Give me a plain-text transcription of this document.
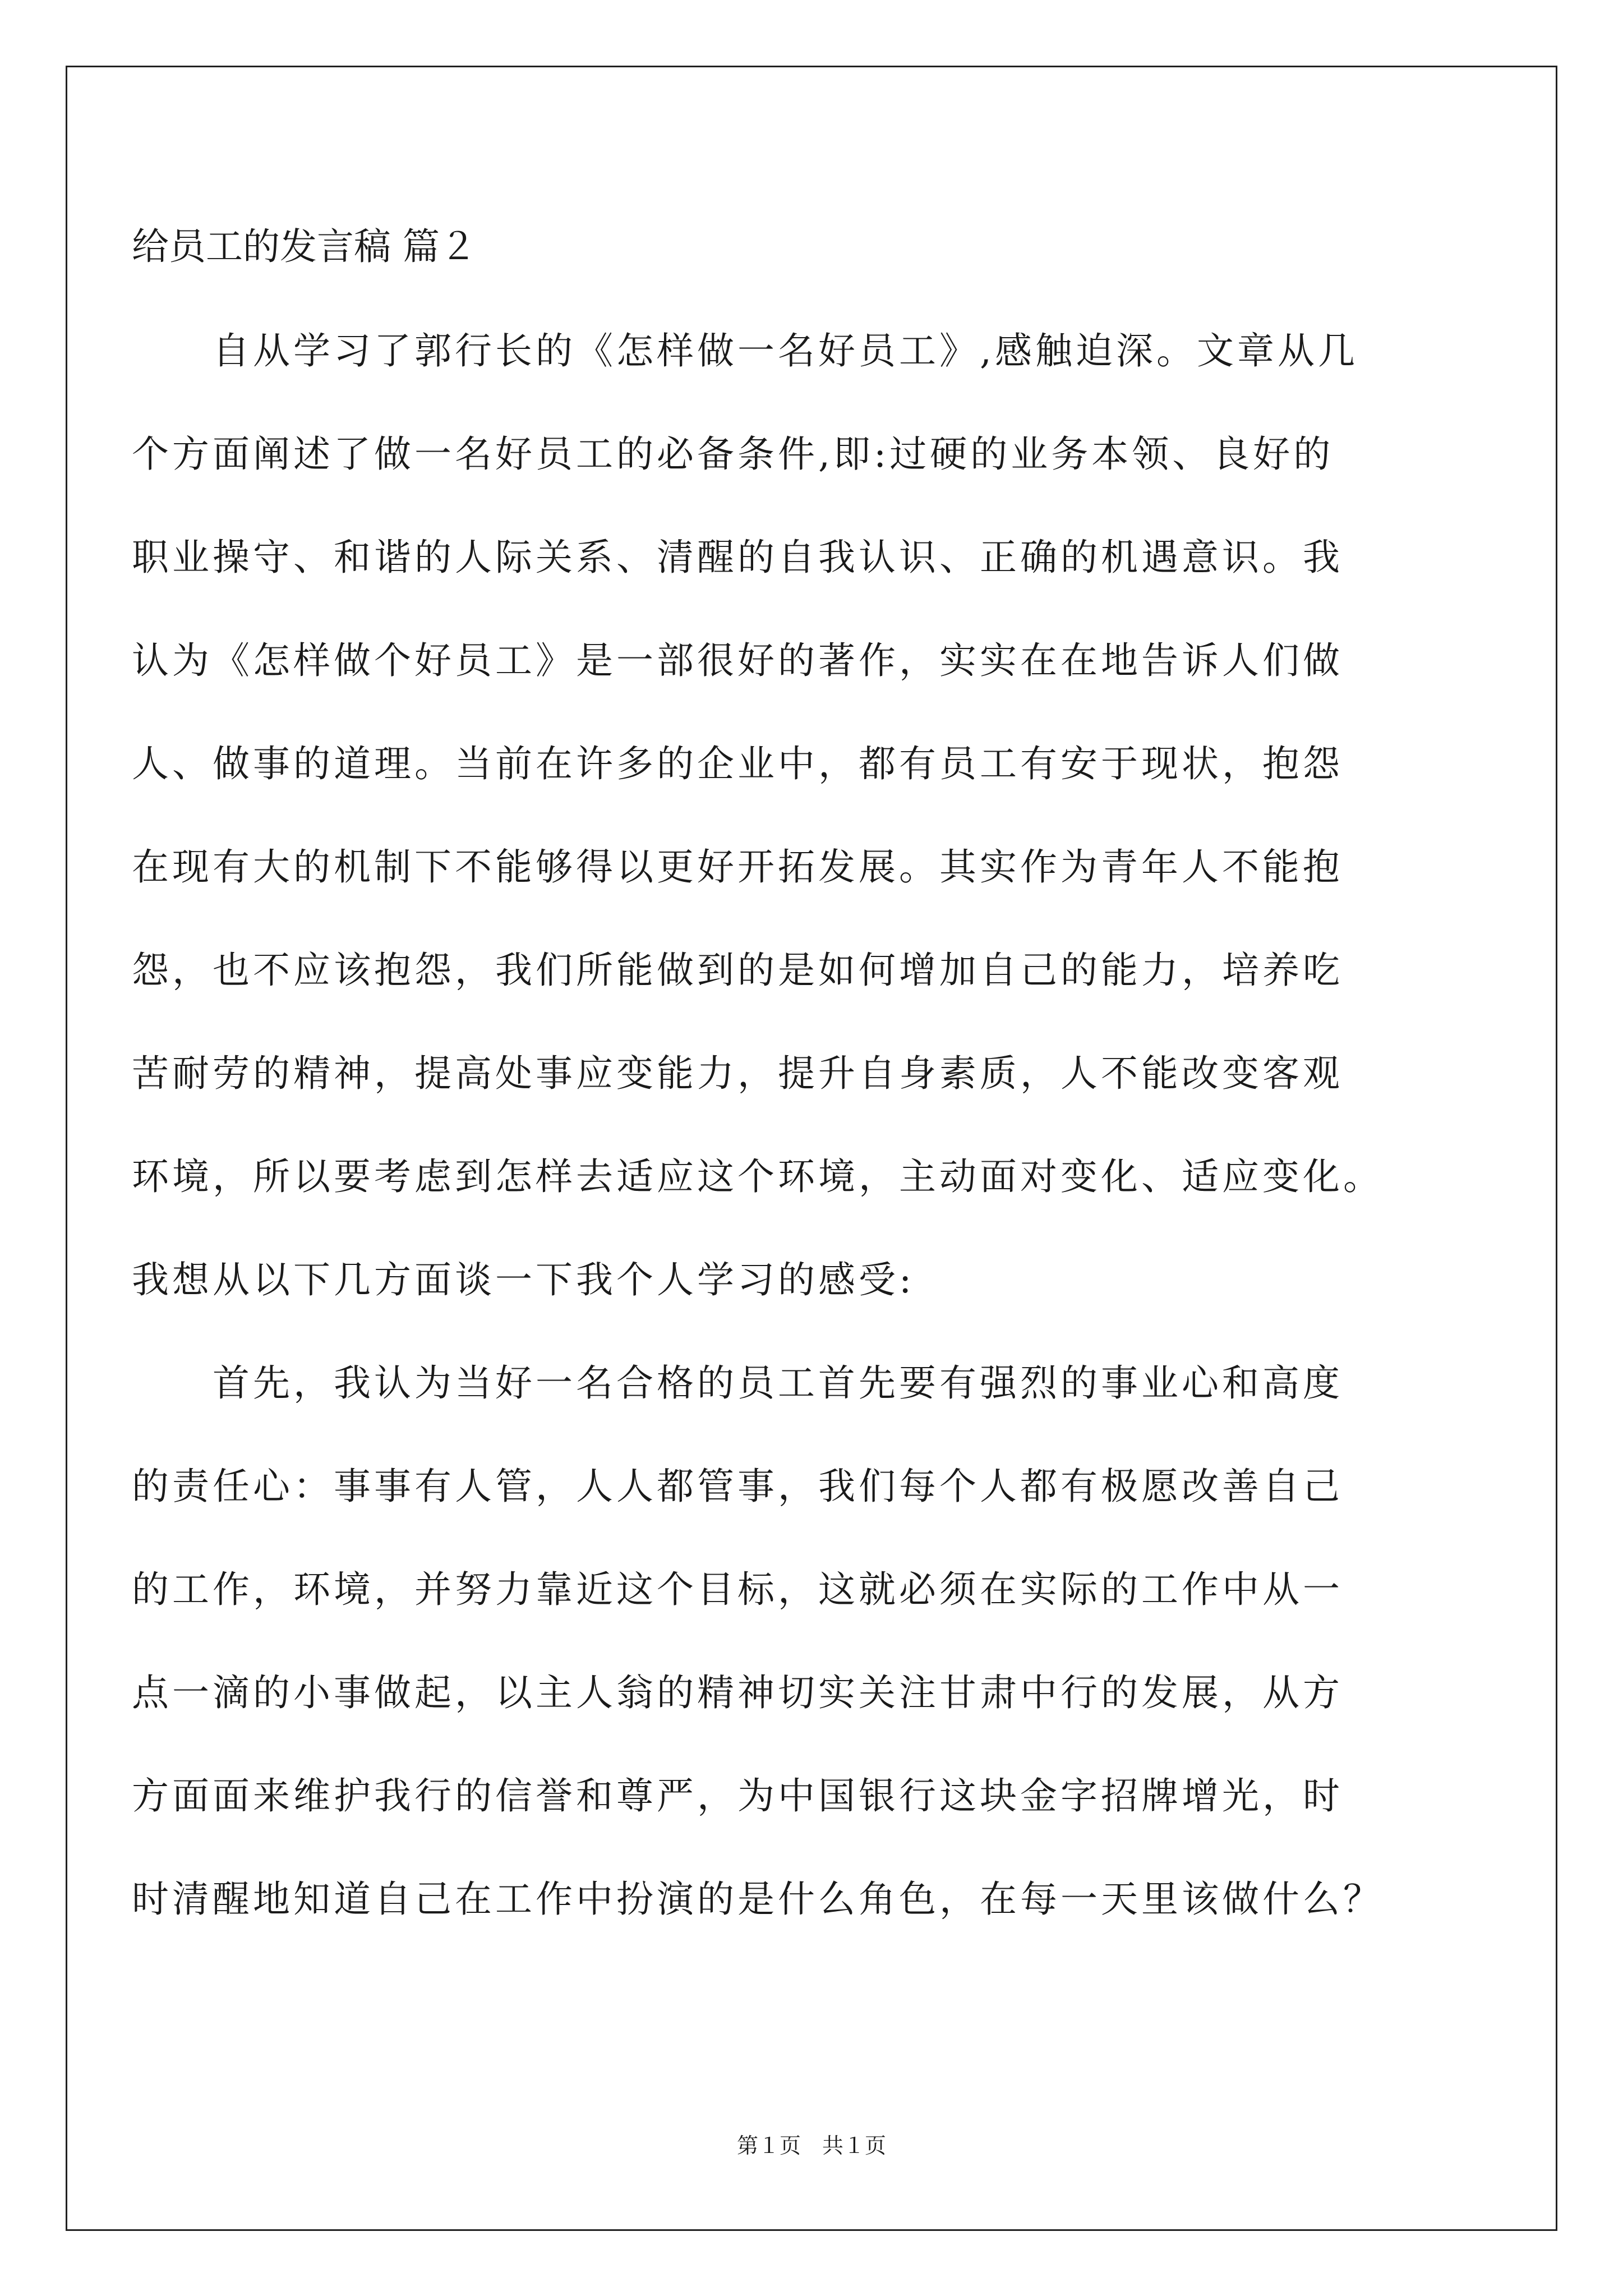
给员工的发言稿 篇２
　　自从学习了郭行长的《怎样做一名好员工》,感触迫深。文章从几
个方面阐述了做一名好员工的必备条件,即:过硬的业务本领、良好的
职业操守、和谐的人际关系、清醒的自我认识、正确的机遇意识。我
认为《怎样做个好员工》是一部很好的著作，实实在在地告诉人们做
人、做事的道理。当前在许多的企业中，都有员工有安于现状，抱怨
在现有大的机制下不能够得以更好开拓发展。其实作为青年人不能抱
怨，也不应该抱怨，我们所能做到的是如何增加自己的能力，培养吃
苦耐劳的精神，提高处事应变能力，提升自身素质，人不能改变客观
环境，所以要考虑到怎样去适应这个环境，主动面对变化、适应变化。
我想从以下几方面谈一下我个人学习的感受:
　　首先，我认为当好一名合格的员工首先要有强烈的事业心和高度
的责任心：事事有人管，人人都管事，我们每个人都有极愿改善自己
的工作，环境，并努力靠近这个目标，这就必须在实际的工作中从一
点一滴的小事做起，以主人翁的精神切实关注甘肃中行的发展，从方
方面面来维护我行的信誉和尊严，为中国银行这块金字招牌增光，时
时清醒地知道自己在工作中扮演的是什么角色，在每一天里该做什么？
第１页　共１页
